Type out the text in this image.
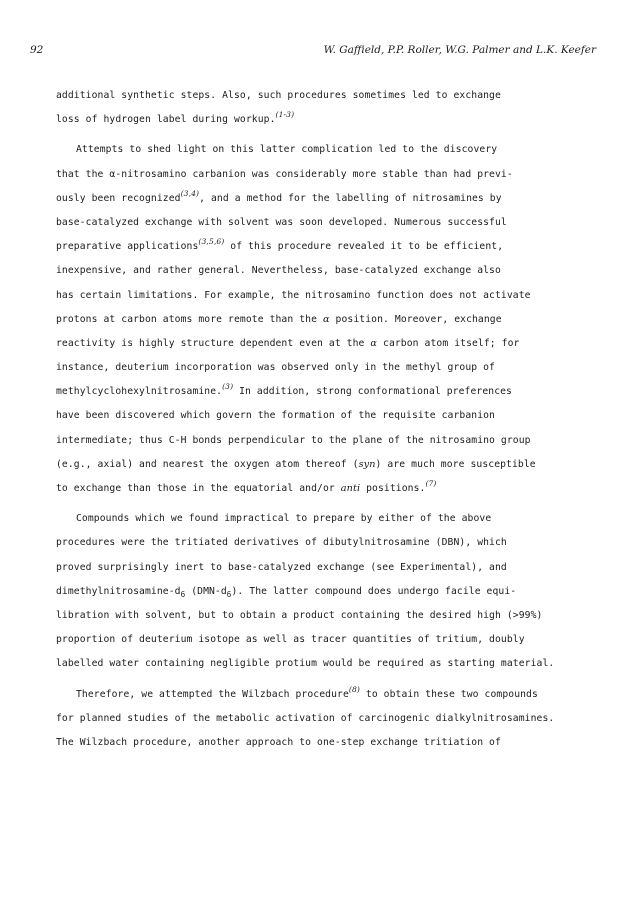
92	W. Gaffield, P.P. Roller, W.G. Palmer and L.K. Keefer
additional synthetic steps. Also, such procedures sometimes led to exchange
loss of hydrogen label during workup.$^{(1-3)}$
Attempts to shed light on this latter complication led to the discovery
that the α-nitrosamino carbanion was considerably more stable than had previ-
ously been recognized$^{(3,4)}$, and a method for the labelling of nitrosamines by
base-catalyzed exchange with solvent was soon developed. Numerous successful
preparative applications$^{(3,5,6)}$ of this procedure revealed it to be efficient,
inexpensive, and rather general. Nevertheless, base-catalyzed exchange also
has certain limitations. For example, the nitrosamino function does not activate
protons at carbon atoms more remote than the α position. Moreover, exchange
reactivity is highly structure dependent even at the α carbon atom itself; for
instance, deuterium incorporation was observed only in the methyl group of
methylcyclohexylnitrosamine.$^{(3)}$ In addition, strong conformational preferences
have been discovered which govern the formation of the requisite carbanion
intermediate; thus C-H bonds perpendicular to the plane of the nitrosamino group
(e.g., axial) and nearest the oxygen atom thereof (syn) are much more susceptible
to exchange than those in the equatorial and/or anti positions.$^{(7)}$
Compounds which we found impractical to prepare by either of the above
procedures were the tritiated derivatives of dibutylnitrosamine (DBN), which
proved surprisingly inert to base-catalyzed exchange (see Experimental), and
dimethylnitrosamine-$d_6$ $(DMN-d_6)$. The latter compound does undergo facile equi-
libration with solvent, but to obtain a product containing the desired high (>99%)
proportion of deuterium isotope as well as tracer quantities of tritium, doubly
labelled water containing negligible protium would be required as starting material.
Therefore, we attempted the Wilzbach procedure$^{(8)}$ to obtain these two compounds
for planned studies of the metabolic activation of carcinogenic dialkylnitrosamines.
The Wilzbach procedure, another approach to one-step exchange tritiation of
